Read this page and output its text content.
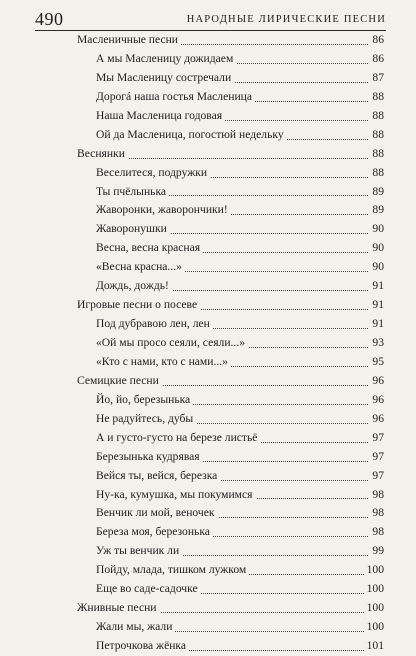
490	НАРОДНЫЕ ЛИРИЧЕСКИЕ ПЕСНИ
Масленичные песни	86
А мы Масленицу дожидаем	86
Мы Масленицу состречали	87
Дорогá наша гостья Масленица	88
Наша Масленица годовая	88
Ой да Масленица, погостюй недельку	88
Веснянки	88
Веселитеся, подружки	88
Ты пчёлынька	89
Жаворонки, жаворончики!	89
Жаворонушки	90
Весна, весна красная	90
«Весна красна...»	90
Дождь, дождь!	91
Игровые песни о посеве	91
Под дубравою лен, лен	91
«Ой мы просо сеяли, сеяли...»	93
«Кто с нами, кто с нами...»	95
Семицкие песни	96
Йо, йо, березынька	96
Не радуйтесь, дубы	96
А и густо-густо на березе листьё	97
Березынька кудрявая	97
Вейся ты, вейся, березка	97
Ну-ка, кумушка, мы покумимся	98
Венчик ли мой, веночек	98
Береза моя, березонька	98
Уж ты венчик ли	99
Пойду, млада, тишком лужком	100
Еще во саде-садочке	100
Жнивные песни	100
Жали мы, жали	100
Петрочкова жёнка	101
